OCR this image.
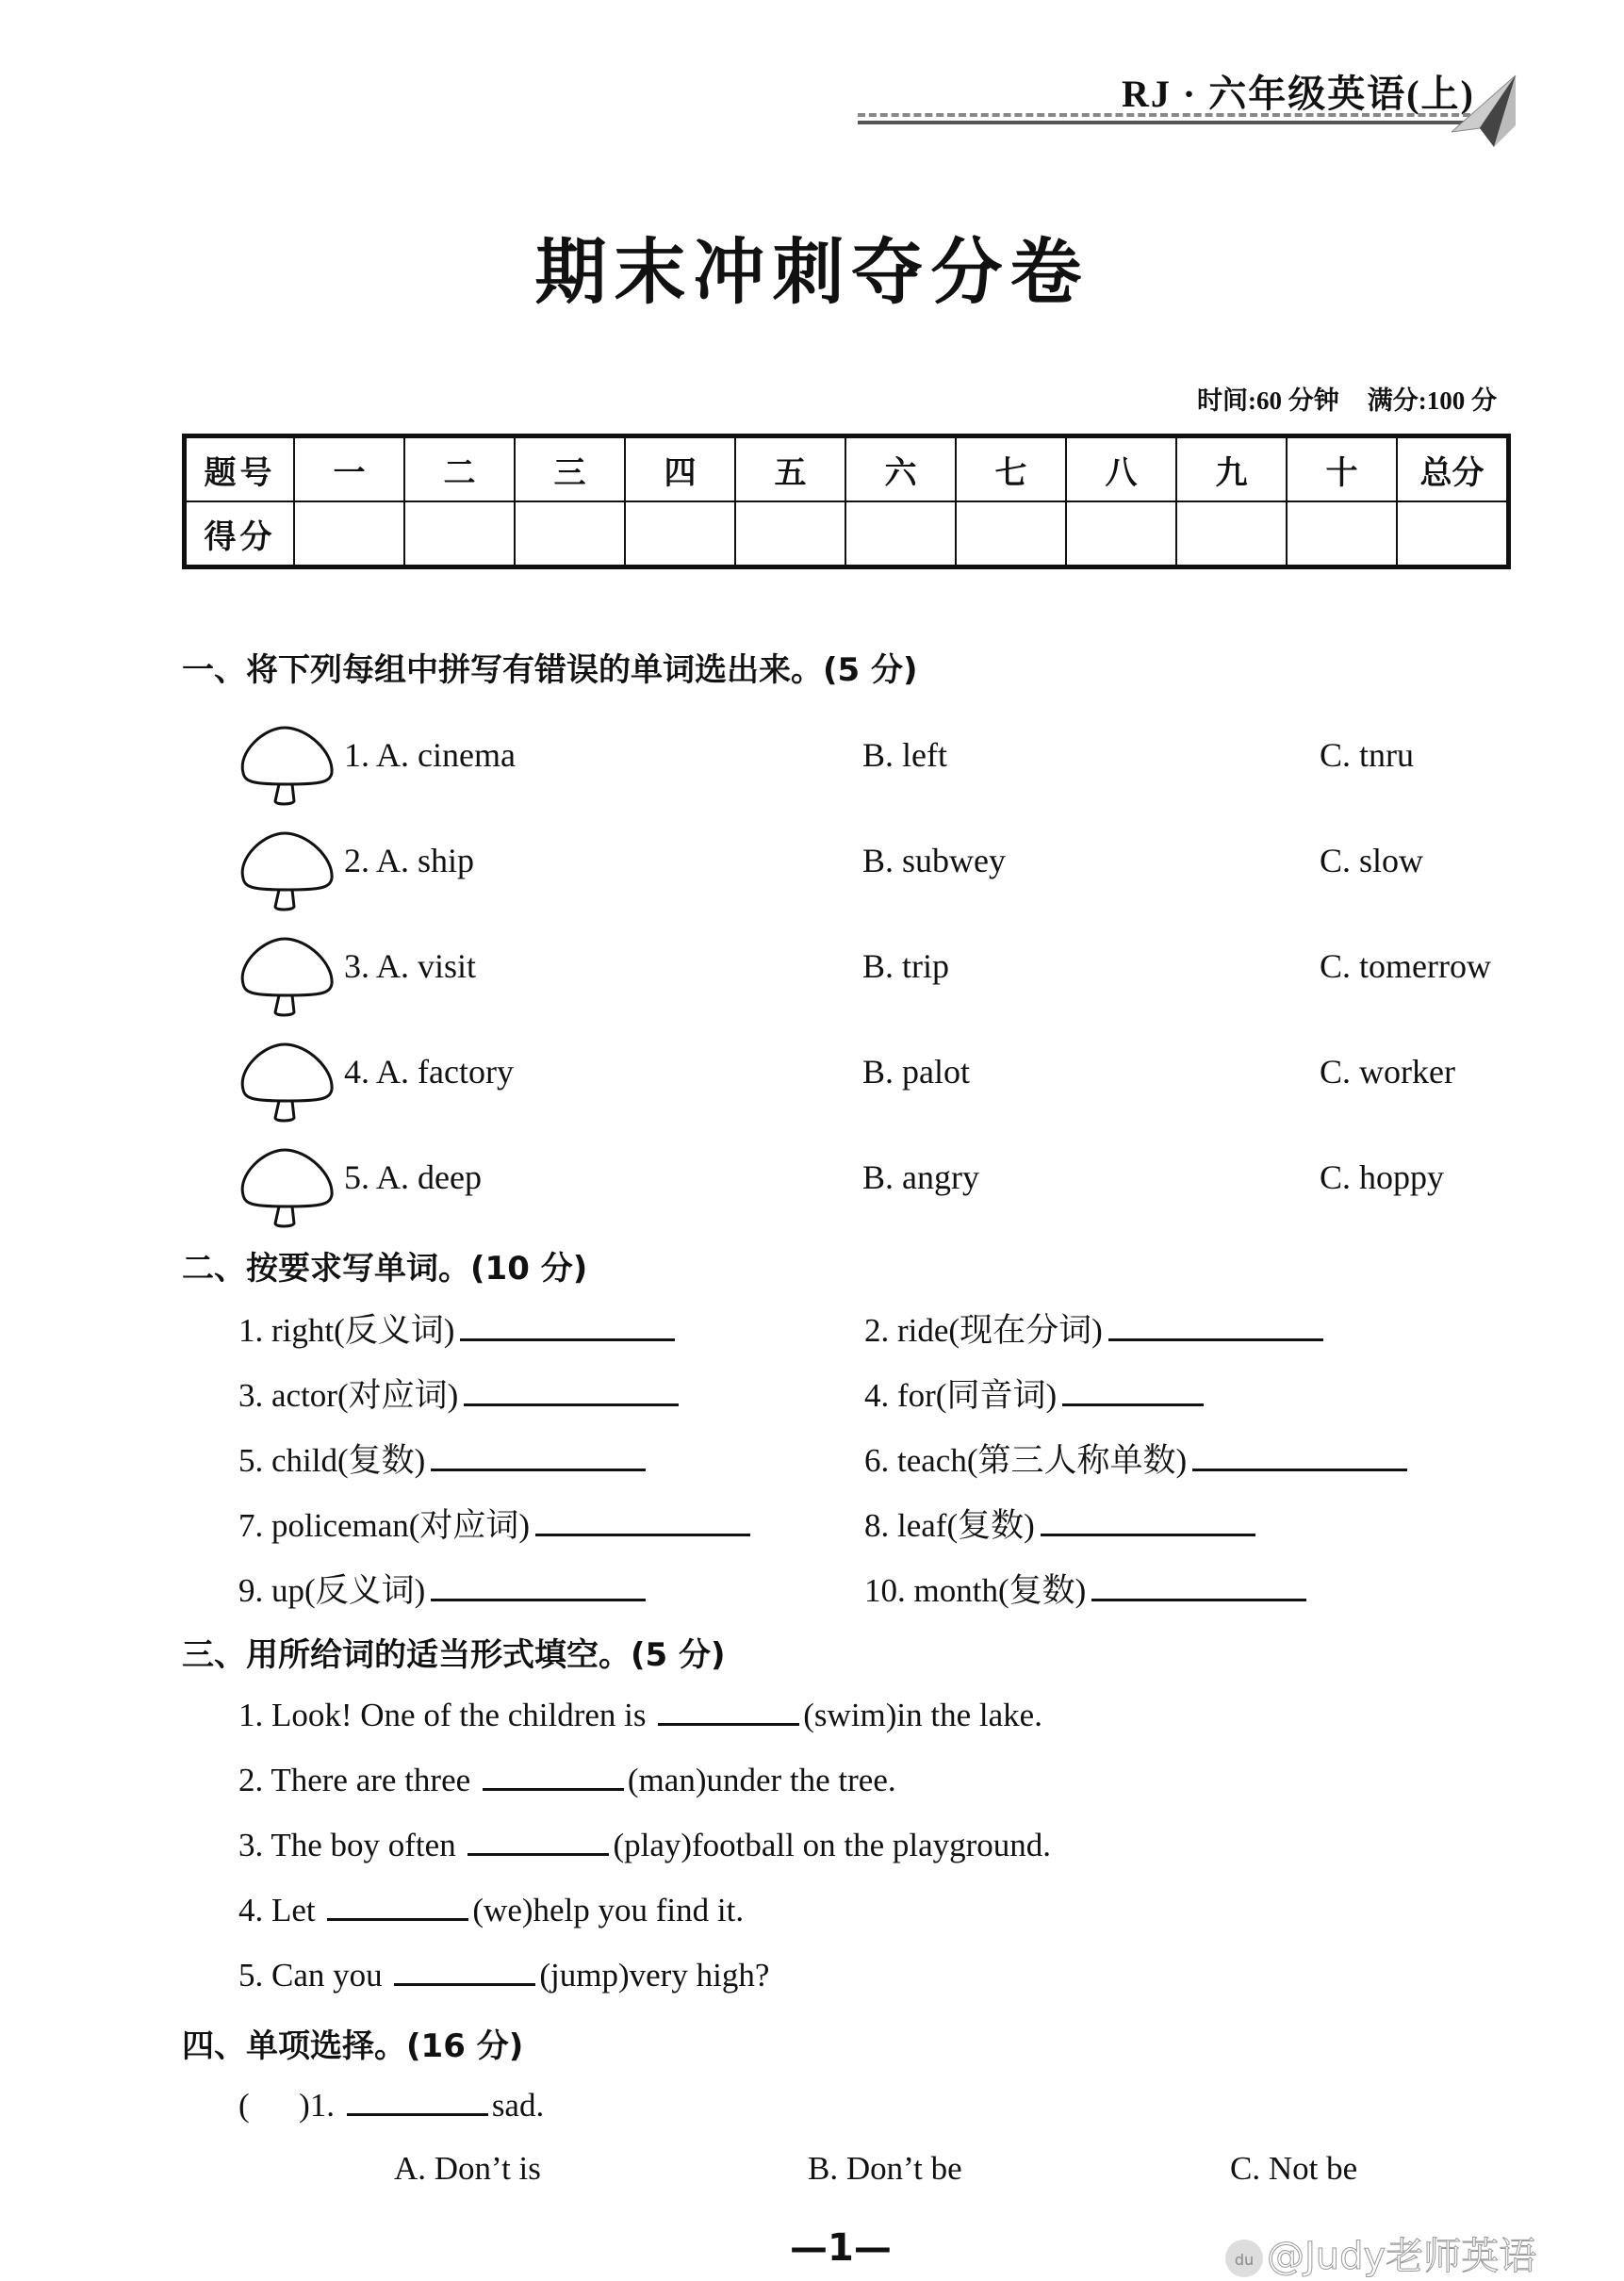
RJ · 六年级英语(上)
期末冲刺夺分卷
时间:60 分钟 满分:100 分
题号	一	二	三	四	五	六	七	八	九	十	总分
得分											
一、将下列每组中拼写有错误的单词选出来。(5 分)
1. A. cinema	B. left	C. tnru
2. A. ship	B. subwey	C. slow
3. A. visit	B. trip	C. tomerrow
4. A. factory	B. palot	C. worker
5. A. deep	B. angry	C. hoppy
二、按要求写单词。(10 分)
1. right(反义词)	2. ride(现在分词)
3. actor(对应词)	4. for(同音词)
5. child(复数)	6. teach(第三人称单数)
7. policeman(对应词)	8. leaf(复数)
9. up(反义词)	10. month(复数)
三、用所给词的适当形式填空。(5 分)
1. Look! One of the children is	(swim)in the lake.
2. There are three	(man)under the tree.
3. The boy often	(play)football on the playground.
4. Let	(we)help you find it.
5. Can you	(jump)very high?
四、单项选择。(16 分)
(      )1.	sad.
A. Don’t is	B. Don’t be	C. Not be
—1—	du @Judy老师英语
